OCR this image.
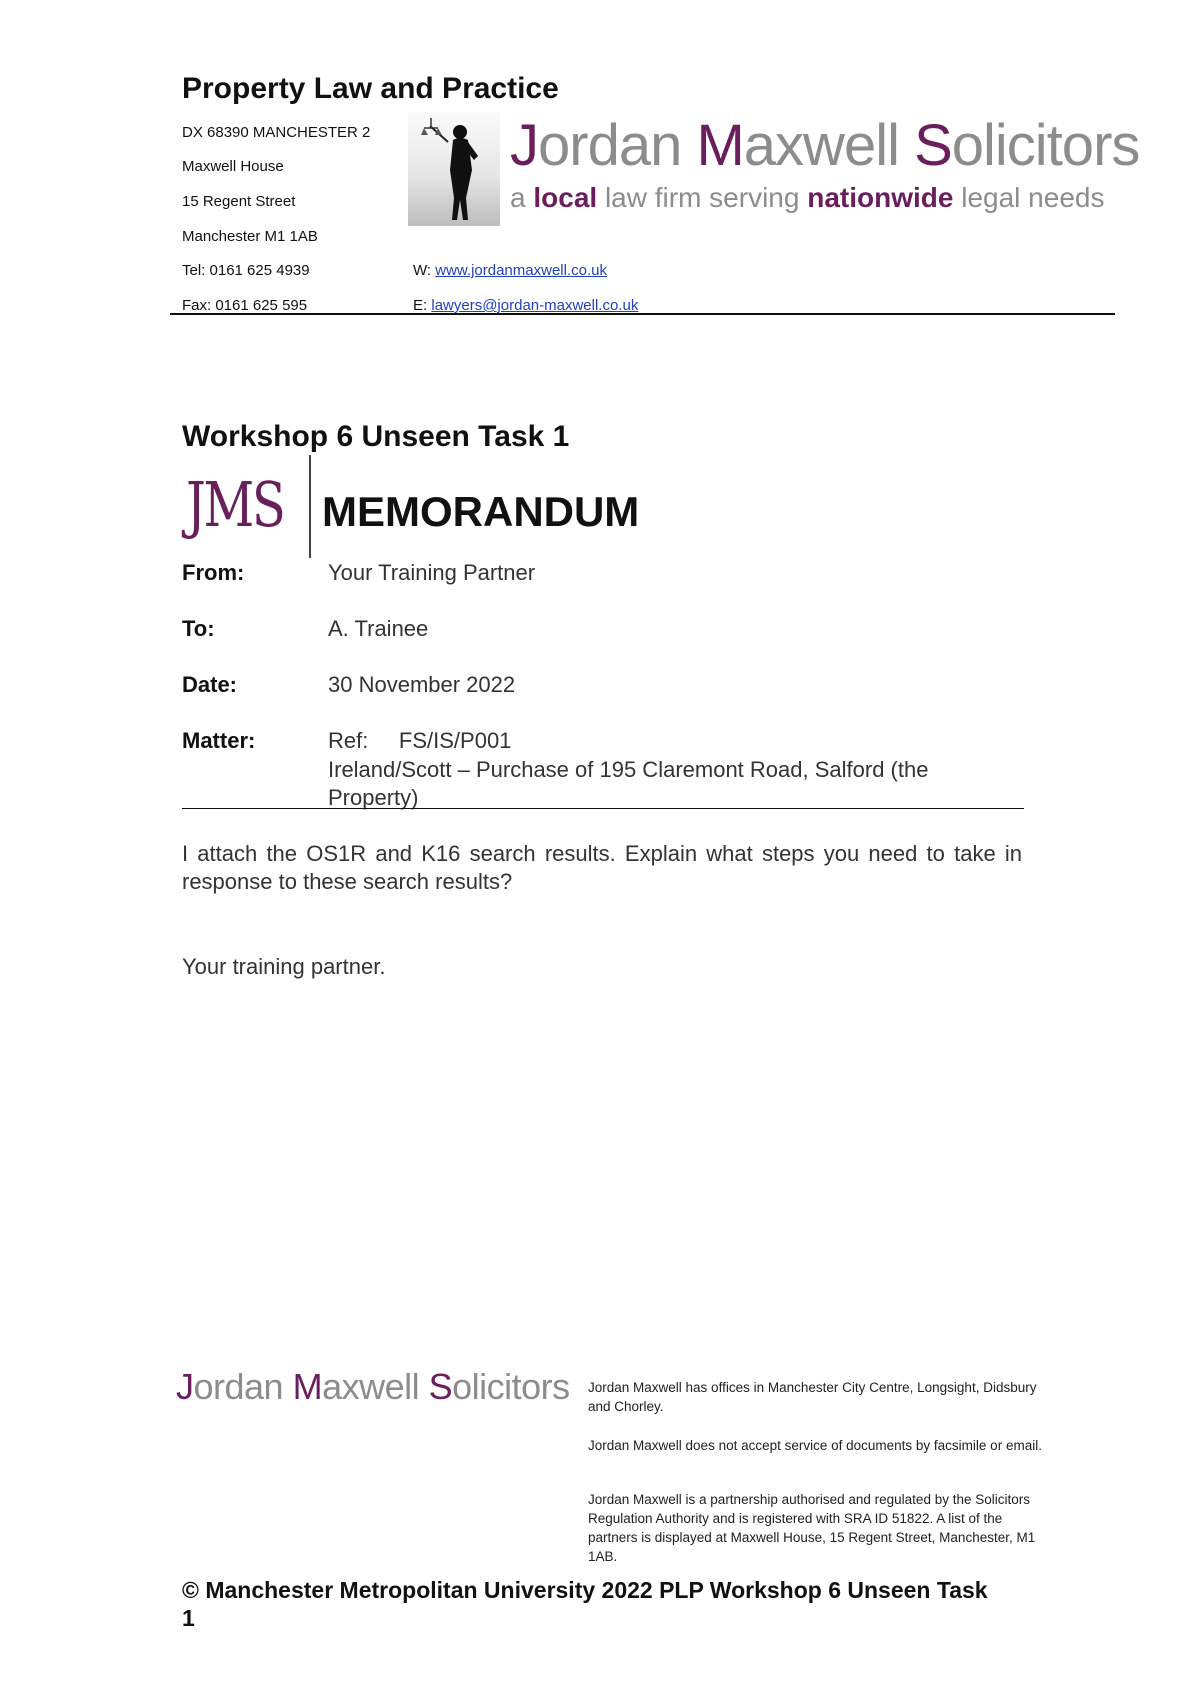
Property Law and Practice
DX 68390 MANCHESTER 2
Maxwell House
15 Regent Street
Manchester M1 1AB
Tel: 0161 625 4939
Fax: 0161 625 595
W: www.jordanmaxwell.co.uk
E: lawyers@jordan-maxwell.co.uk
Jordan Maxwell Solicitors
a local law firm serving nationwide legal needs
Workshop 6 Unseen Task 1
JMS MEMORANDUM
From:	Your Training Partner
To:	A. Trainee
Date:	30 November 2022
Matter:	Ref:     FS/IS/P001
Ireland/Scott – Purchase of 195 Claremont Road, Salford (the
Property)
I attach the OS1R and K16 search results. Explain what steps you need to take in response to these search results?
Your training partner.
Jordan Maxwell Solicitors Jordan Maxwell has offices in Manchester City Centre, Longsight, Didsbury and Chorley.
Jordan Maxwell does not accept service of documents by facsimile or email.
Jordan Maxwell is a partnership authorised and regulated by the Solicitors Regulation Authority and is registered with SRA ID 51822. A list of the partners is displayed at Maxwell House, 15 Regent Street, Manchester, M1 1AB.
© Manchester Metropolitan University 2022 PLP Workshop 6 Unseen Task 1
